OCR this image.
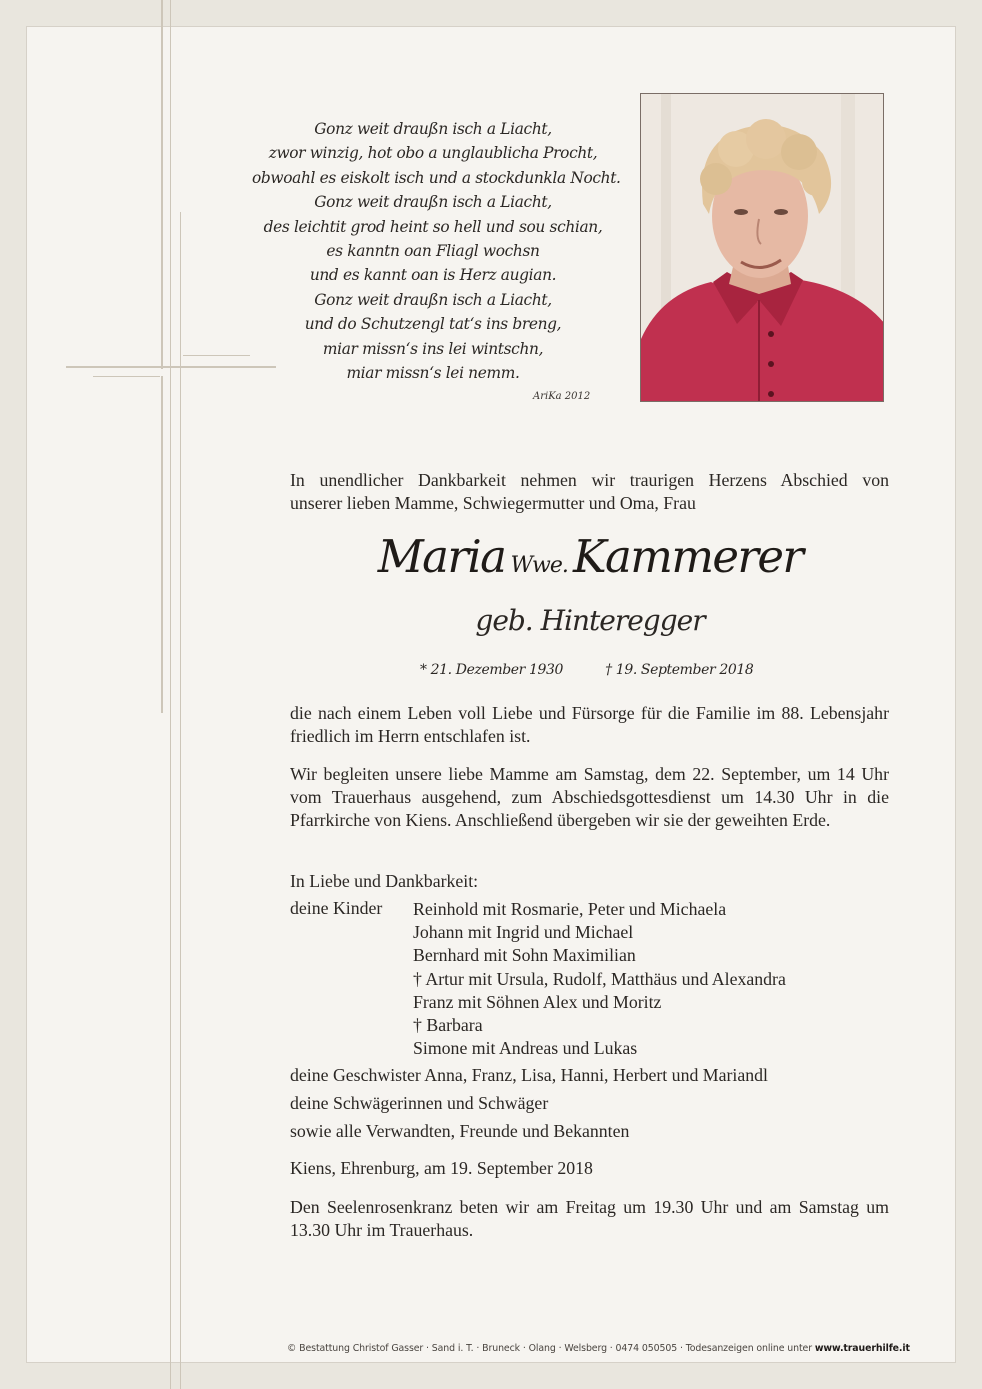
Gonz weit draußn isch a Liacht,
zwor winzig, hot obo a unglaublicha Procht,
obwoahl es eiskolt isch und a stockdunkla Nocht.
Gonz weit draußn isch a Liacht,
des leichtit grod heint so hell und sou schian,
es kanntn oan Fliagl wochsn
und es kannt oan is Herz augian.
Gonz weit draußn isch a Liacht,
und do Schutzengl tat‘s ins breng,
miar missn‘s ins lei wintschn,
miar missn‘s lei nemm.
AriKa 2012
In unendlicher Dankbarkeit nehmen wir traurigen Herzens Abschied von
unserer lieben Mamme, Schwiegermutter und Oma, Frau
Maria Wwe. Kammerer
geb. Hinteregger
* 21. Dezember 1930	† 19. September 2018
die nach einem Leben voll Liebe und Fürsorge für die Familie im 88. Lebensjahr friedlich im Herrn entschlafen ist.
Wir begleiten unsere liebe Mamme am Samstag, dem 22. September, um 14 Uhr vom Trauerhaus ausgehend, zum Abschiedsgottesdienst um 14.30 Uhr in die Pfarrkirche von Kiens. Anschließend übergeben wir sie der geweihten Erde.
In Liebe und Dankbarkeit:
deine Kinder Reinhold mit Rosmarie, Peter und Michaela
Johann mit Ingrid und Michael
Bernhard mit Sohn Maximilian
† Artur mit Ursula, Rudolf, Matthäus und Alexandra
Franz mit Söhnen Alex und Moritz
† Barbara
Simone mit Andreas und Lukas
deine Geschwister Anna, Franz, Lisa, Hanni, Herbert und Mariandl
deine Schwägerinnen und Schwäger
sowie alle Verwandten, Freunde und Bekannten
Kiens, Ehrenburg, am 19. September 2018
Den Seelenrosenkranz beten wir am Freitag um 19.30 Uhr und am Samstag um 13.30 Uhr im Trauerhaus.
© Bestattung Christof Gasser · Sand i. T. · Bruneck · Olang · Welsberg · 0474 050505 · Todesanzeigen online unter www.trauerhilfe.it
